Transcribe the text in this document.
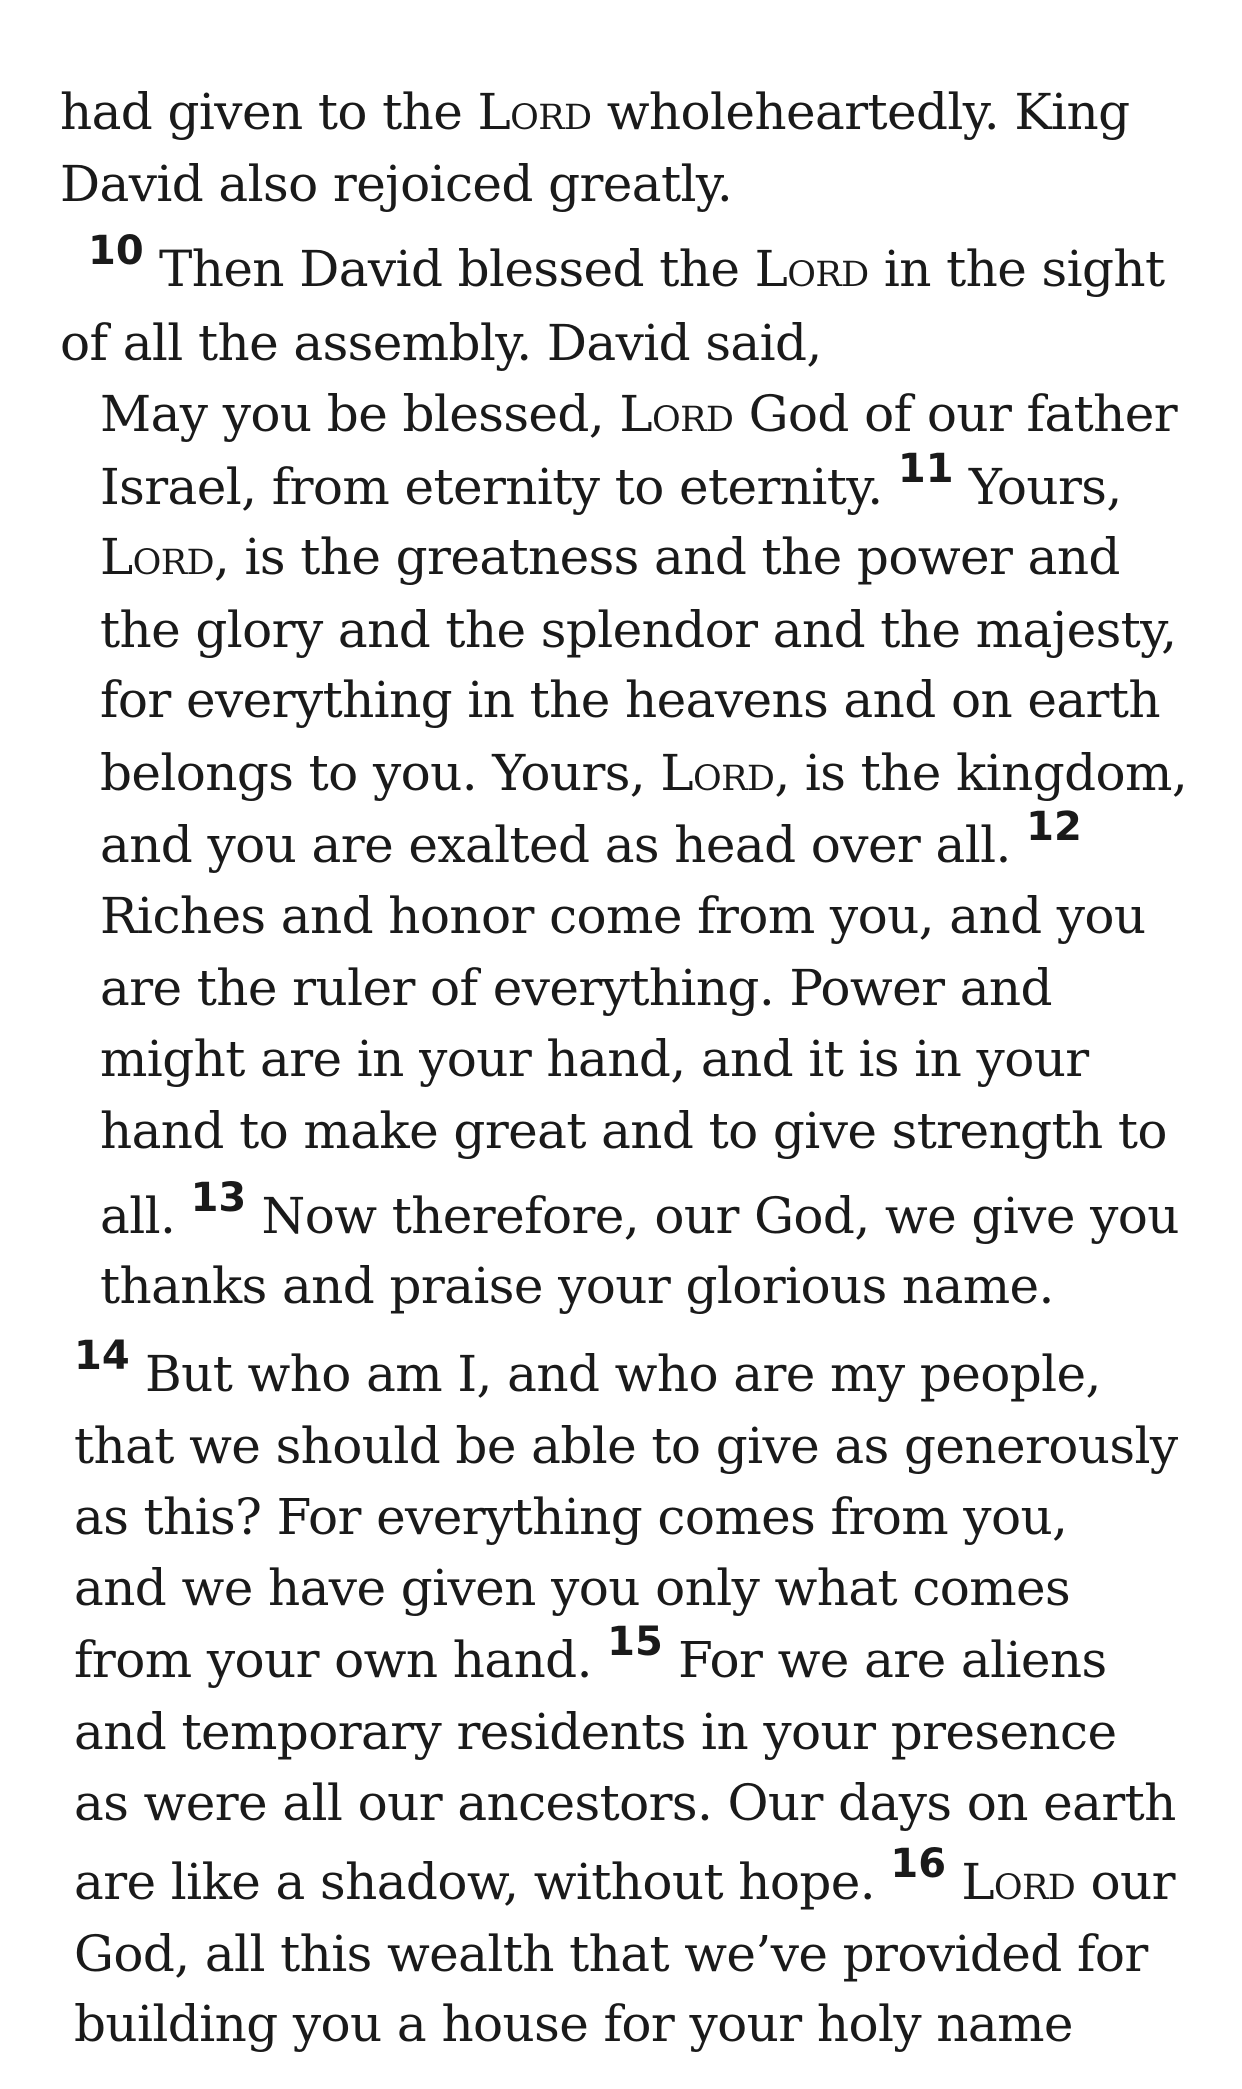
had given to the Lord wholeheartedly. King
David also rejoiced greatly.
$^{10}$ Then David blessed the Lord in the sight
of all the assembly. David said,
May you be blessed, Lord God of our father
Israel, from eternity to eternity. $^{11}$ Yours,
Lord, is the greatness and the power and
the glory and the splendor and the majesty,
for everything in the heavens and on earth
belongs to you. Yours, Lord, is the kingdom,
and you are exalted as head over all. $^{12}$
Riches and honor come from you, and you
are the ruler of everything. Power and
might are in your hand, and it is in your
hand to make great and to give strength to
all. $^{13}$ Now therefore, our God, we give you
thanks and praise your glorious name.
$^{14}$ But who am I, and who are my people,
that we should be able to give as generously
as this? For everything comes from you,
and we have given you only what comes
from your own hand. $^{15}$ For we are aliens
and temporary residents in your presence
as were all our ancestors. Our days on earth
are like a shadow, without hope. $^{16}$ Lord our
God, all this wealth that we’ve provided for
building you a house for your holy name
